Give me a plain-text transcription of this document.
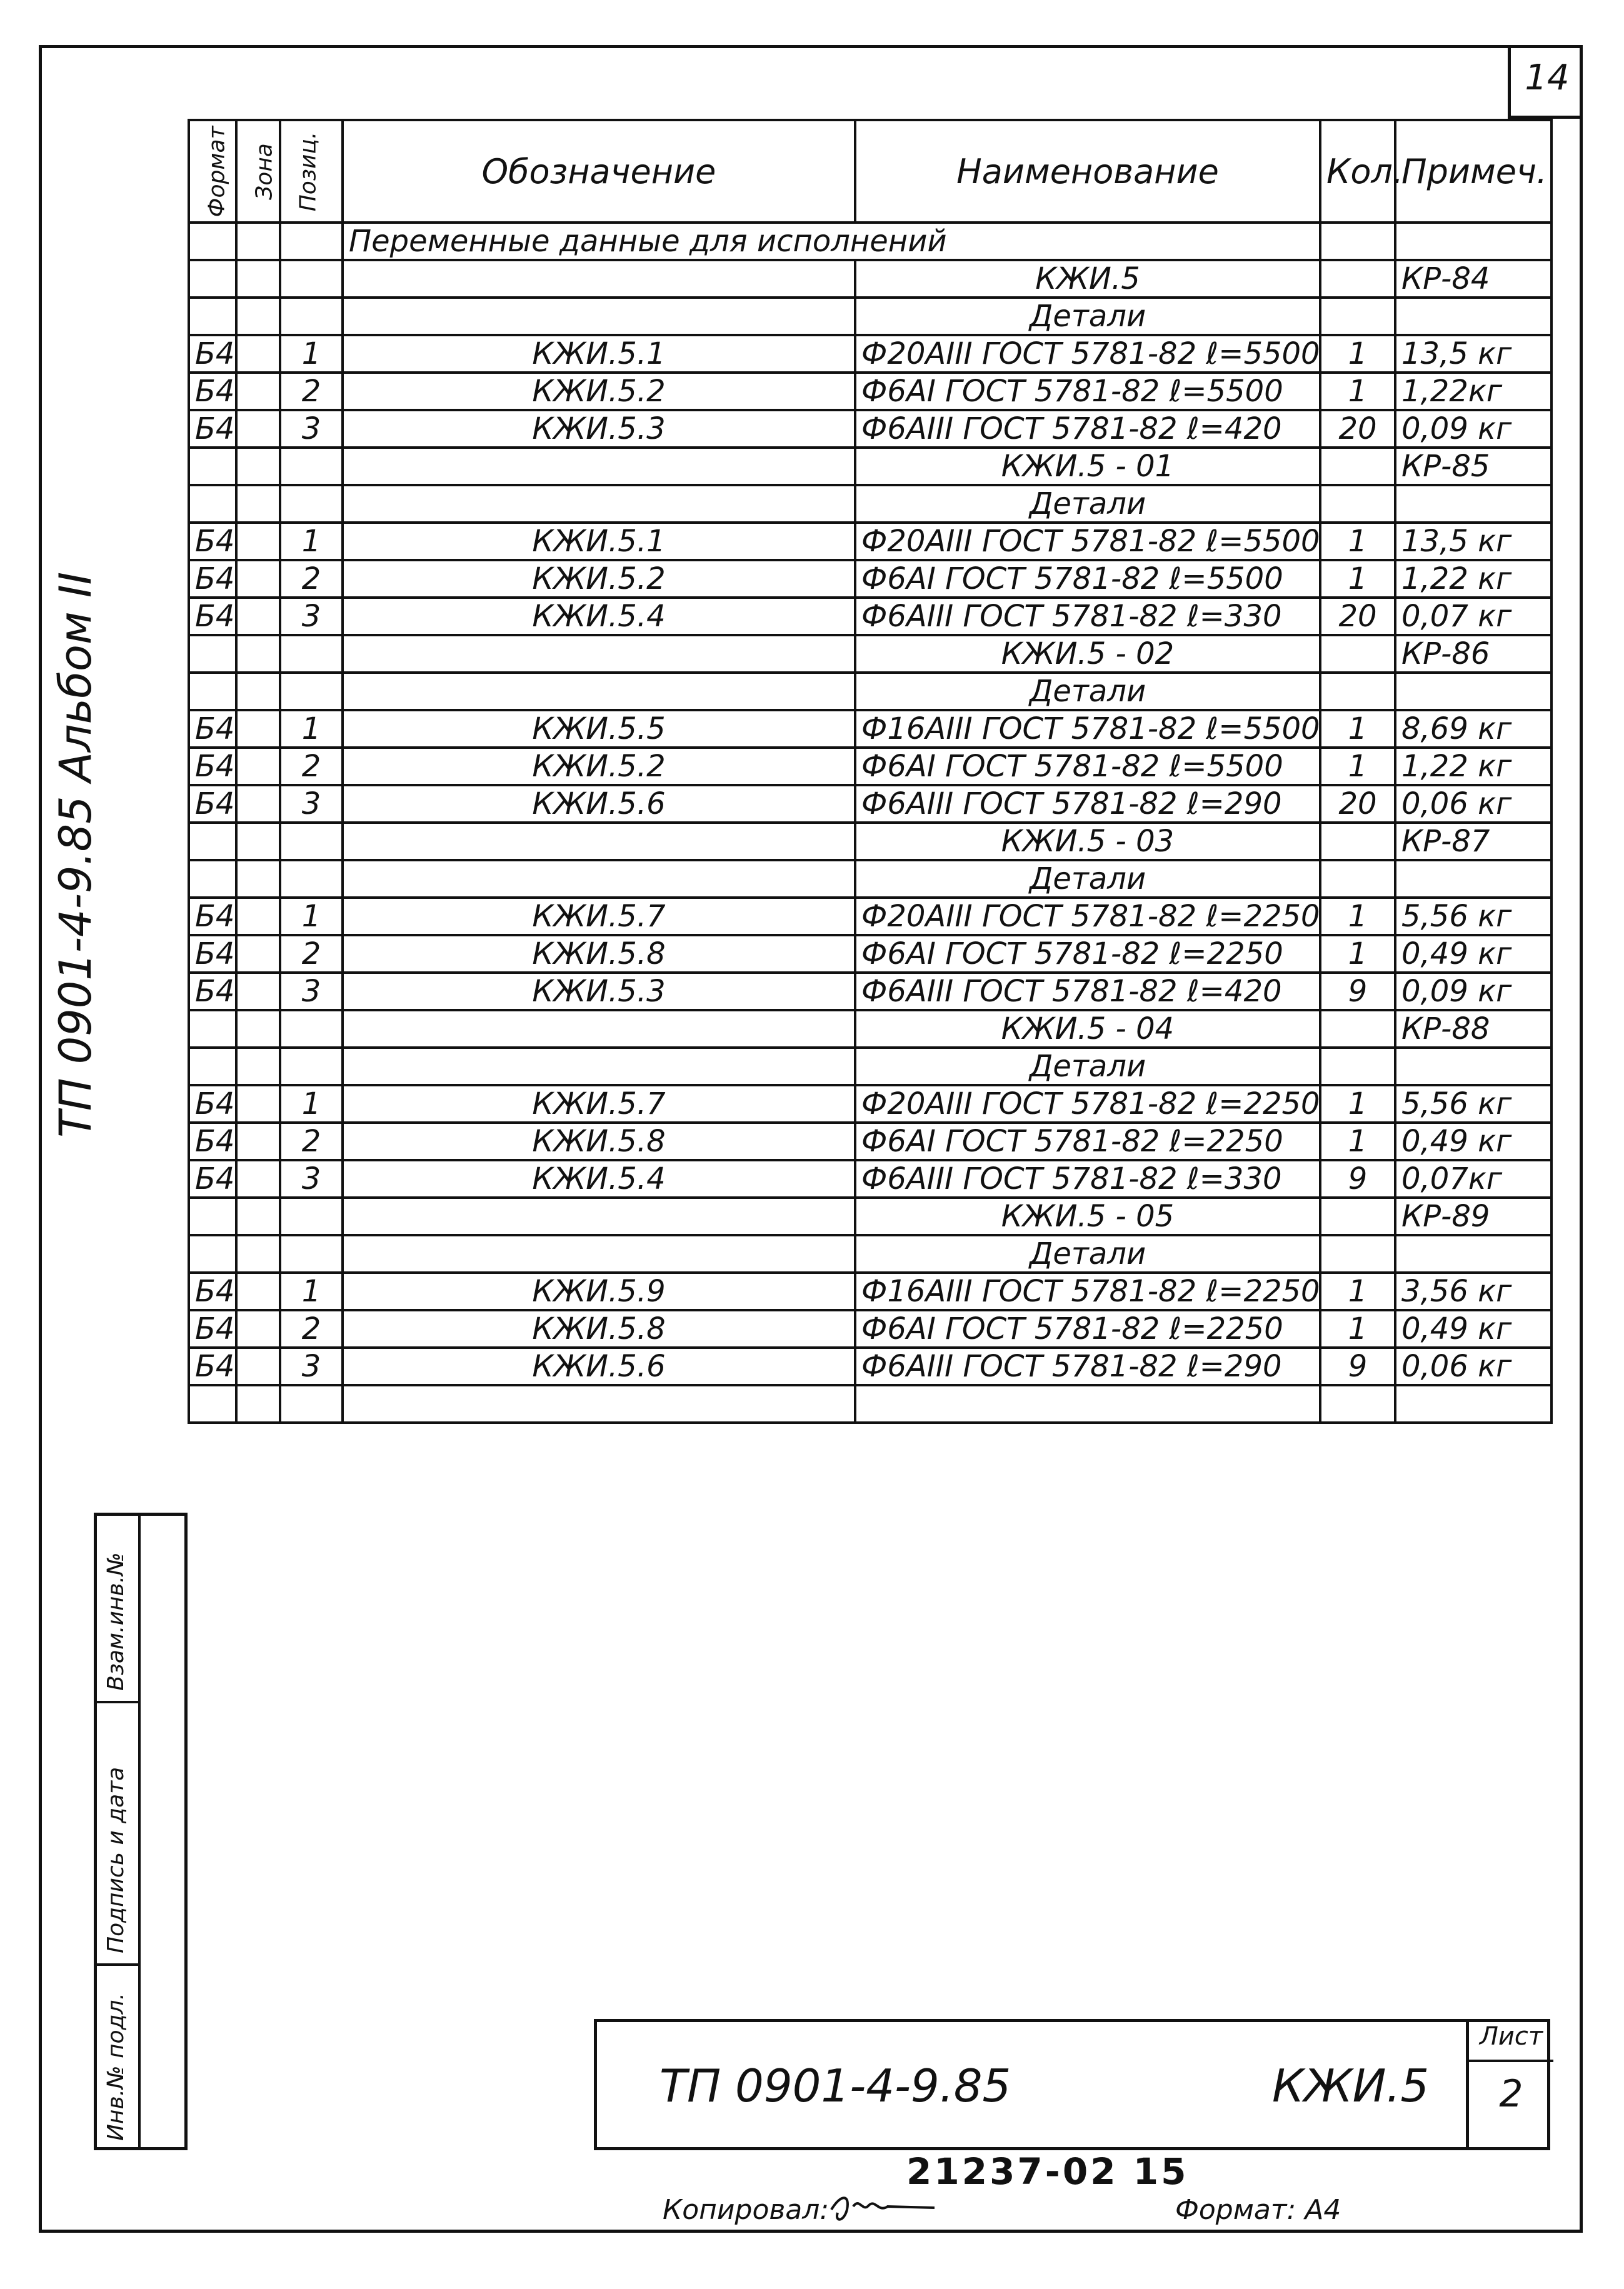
14
ТП 0901-4-9.85 Альбом II
Формат	Зона	Позиц.	Обозначение	Наименование	Кол.	Примеч.
			Переменные данные для исполнений			
				КЖИ.5		КР-84
				Детали		
Б4		1	КЖИ.5.1	Ф20АIII ГОСТ 5781-82 ℓ=5500	1	13,5 кг
Б4		2	КЖИ.5.2	Ф6АI ГОСТ 5781-82 ℓ=5500	1	1,22кг
Б4		3	КЖИ.5.3	Ф6АIII ГОСТ 5781-82 ℓ=420	20	0,09 кг
				КЖИ.5 - 01		КР-85
				Детали		
Б4		1	КЖИ.5.1	Ф20АIII ГОСТ 5781-82 ℓ=5500	1	13,5 кг
Б4		2	КЖИ.5.2	Ф6АI ГОСТ 5781-82 ℓ=5500	1	1,22 кг
Б4		3	КЖИ.5.4	Ф6АIII ГОСТ 5781-82 ℓ=330	20	0,07 кг
				КЖИ.5 - 02		КР-86
				Детали		
Б4		1	КЖИ.5.5	Ф16АIII ГОСТ 5781-82 ℓ=5500	1	8,69 кг
Б4		2	КЖИ.5.2	Ф6АI ГОСТ 5781-82 ℓ=5500	1	1,22 кг
Б4		3	КЖИ.5.6	Ф6АIII ГОСТ 5781-82 ℓ=290	20	0,06 кг
				КЖИ.5 - 03		КР-87
				Детали		
Б4		1	КЖИ.5.7	Ф20АIII ГОСТ 5781-82 ℓ=2250	1	5,56 кг
Б4		2	КЖИ.5.8	Ф6АI ГОСТ 5781-82 ℓ=2250	1	0,49 кг
Б4		3	КЖИ.5.3	Ф6АIII ГОСТ 5781-82 ℓ=420	9	0,09 кг
				КЖИ.5 - 04		КР-88
				Детали		
Б4		1	КЖИ.5.7	Ф20АIII ГОСТ 5781-82 ℓ=2250	1	5,56 кг
Б4		2	КЖИ.5.8	Ф6АI ГОСТ 5781-82 ℓ=2250	1	0,49 кг
Б4		3	КЖИ.5.4	Ф6АIII ГОСТ 5781-82 ℓ=330	9	0,07кг
				КЖИ.5 - 05		КР-89
				Детали		
Б4		1	КЖИ.5.9	Ф16АIII ГОСТ 5781-82 ℓ=2250	1	3,56 кг
Б4		2	КЖИ.5.8	Ф6АI ГОСТ 5781-82 ℓ=2250	1	0,49 кг
Б4		3	КЖИ.5.6	Ф6АIII ГОСТ 5781-82 ℓ=290	9	0,06 кг

Взам.инв.№
Подпись и дата
Инв.№ подл.	ТП 0901-4-9.85	КЖИ.5
Лист
2
21237-02 15
Копировал:	Формат: А4
